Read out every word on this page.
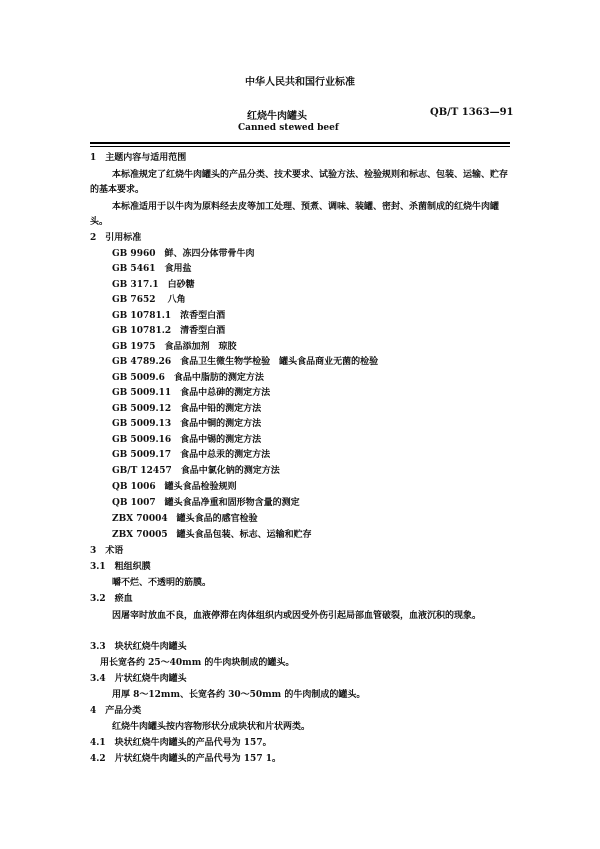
中华人民共和国行业标准
红烧牛肉罐头	QB/T 1363—91
Canned stewed beef
1　主题内容与适用范围
本标准规定了红烧牛肉罐头的产品分类、技术要求、试验方法、检验规则和标志、包装、运输、贮存的基本要求。
本标准适用于以牛肉为原料经去皮等加工处理、预煮、调味、装罐、密封、杀菌制成的红烧牛肉罐头。
2　引用标准
GB 9960　鲜、冻四分体带骨牛肉
GB 5461　食用盐
GB 317.1　白砂糖
GB 7652　 八角
GB 10781.1　浓香型白酒
GB 10781.2　清香型白酒
GB 1975　食品添加剂　琼胶
GB 4789.26　食品卫生微生物学检验　罐头食品商业无菌的检验
GB 5009.6　食品中脂肪的测定方法
GB 5009.11　食品中总砷的测定方法
GB 5009.12　食品中铅的测定方法
GB 5009.13　食品中铜的测定方法
GB 5009.16　食品中锡的测定方法
GB 5009.17　食品中总汞的测定方法
GB/T 12457　食品中氯化钠的测定方法
QB 1006　罐头食品检验规则
QB 1007　罐头食品净重和固形物含量的测定
ZBX 70004　罐头食品的感官检验
ZBX 70005　罐头食品包装、标志、运输和贮存
3　术语
3.1　粗组织膜
嚼不烂、不透明的筋膜。
3.2　瘀血
因屠宰时放血不良，血液停滞在肉体组织内或因受外伤引起局部血管破裂，血液沉积的现象。
3.3　块状红烧牛肉罐头
用长宽各约 25～40mm 的牛肉块制成的罐头。
3.4　片状红烧牛肉罐头
用厚 8～12mm、长宽各约 30～50mm 的牛肉制成的罐头。
4　产品分类
红烧牛肉罐头按内容物形状分成块状和片状两类。
4.1　块状红烧牛肉罐头的产品代号为 157。
4.2　片状红烧牛肉罐头的产品代号为 157 1。
